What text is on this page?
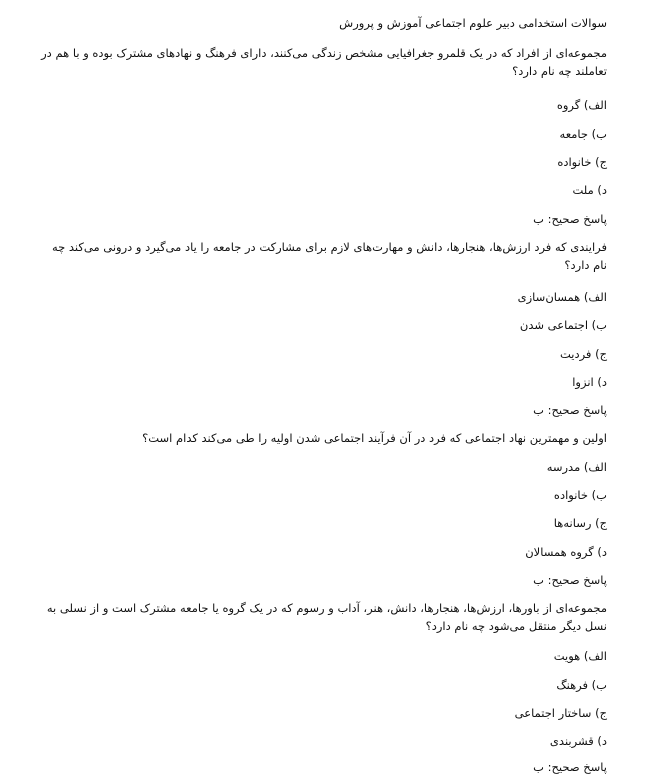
سوالات استخدامی دبیر علوم اجتماعی آموزش و پرورش
مجموعه‌ای از افراد که در یک قلمرو جغرافیایی مشخص زندگی می‌کنند، دارای فرهنگ و نهادهای مشترک بوده و با هم در تعاملند چه نام دارد؟
الف) گروه
ب) جامعه
ج) خانواده
د) ملت
پاسخ صحیح: ب
فرایندی که فرد ارزش‌ها، هنجارها، دانش و مهارت‌های لازم برای مشارکت در جامعه را یاد می‌گیرد و درونی می‌کند چه نام دارد؟
الف) همسان‌سازی
ب) اجتماعی شدن
ج) فردیت
د) انزوا
پاسخ صحیح: ب
اولین و مهمترین نهاد اجتماعی که فرد در آن فرآیند اجتماعی شدن اولیه را طی می‌کند کدام است؟
الف) مدرسه
ب) خانواده
ج) رسانه‌ها
د) گروه همسالان
پاسخ صحیح: ب
مجموعه‌ای از باورها، ارزش‌ها، هنجارها، دانش، هنر، آداب و رسوم که در یک گروه یا جامعه مشترک است و از نسلی به نسل دیگر منتقل می‌شود چه نام دارد؟
الف) هویت
ب) فرهنگ
ج) ساختار اجتماعی
د) قشربندی
پاسخ صحیح: ب
